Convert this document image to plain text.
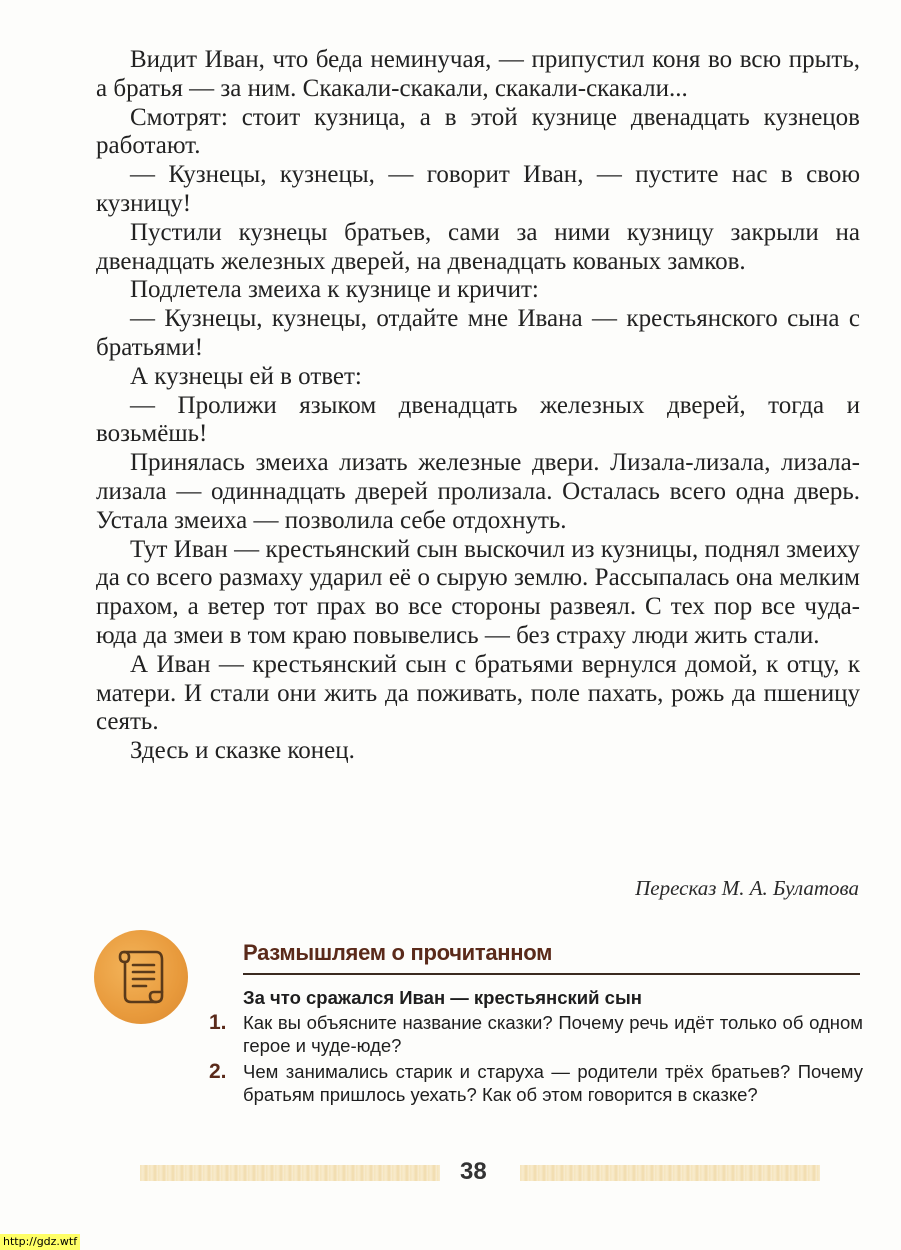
Видит Иван, что беда неминучая, — припустил коня во всю прыть, а братья — за ним. Скакали-скакали, скакали-скакали...

Смотрят: стоит кузница, а в этой кузнице двенадцать кузнецов работают.

— Кузнецы, кузнецы, — говорит Иван, — пустите нас в свою кузницу!

Пустили кузнецы братьев, сами за ними кузницу закрыли на двенадцать железных дверей, на двенадцать кованых замков.

Подлетела змеиха к кузнице и кричит:

— Кузнецы, кузнецы, отдайте мне Ивана — крестьянского сына с братьями!

А кузнецы ей в ответ:

— Пролижи языком двенадцать железных дверей, тогда и возьмёшь!

Принялась змеиха лизать железные двери. Лизала-лизала, лизала-лизала — одиннадцать дверей пролизала. Осталась всего одна дверь. Устала змеиха — позволила себе отдохнуть.

Тут Иван — крестьянский сын выскочил из кузницы, поднял змеиху да со всего размаху ударил её о сырую землю. Рассыпалась она мелким прахом, а ветер тот прах во все стороны развеял. С тех пор все чуда-юда да змеи в том краю повывелись — без страху люди жить стали.

А Иван — крестьянский сын с братьями вернулся домой, к отцу, к матери. И стали они жить да поживать, поле пахать, рожь да пшеницу сеять.

Здесь и сказке конец.

Пересказ М. А. Булатова
Размышляем о прочитанном
За что сражался Иван — крестьянский сын
1. Как вы объясните название сказки? Почему речь идёт только об одном герое и чуде-юде?
2. Чем занимались старик и старуха — родители трёх братьев? Почему братьям пришлось уехать? Как об этом говорится в сказке?
38
http://gdz.wtf
